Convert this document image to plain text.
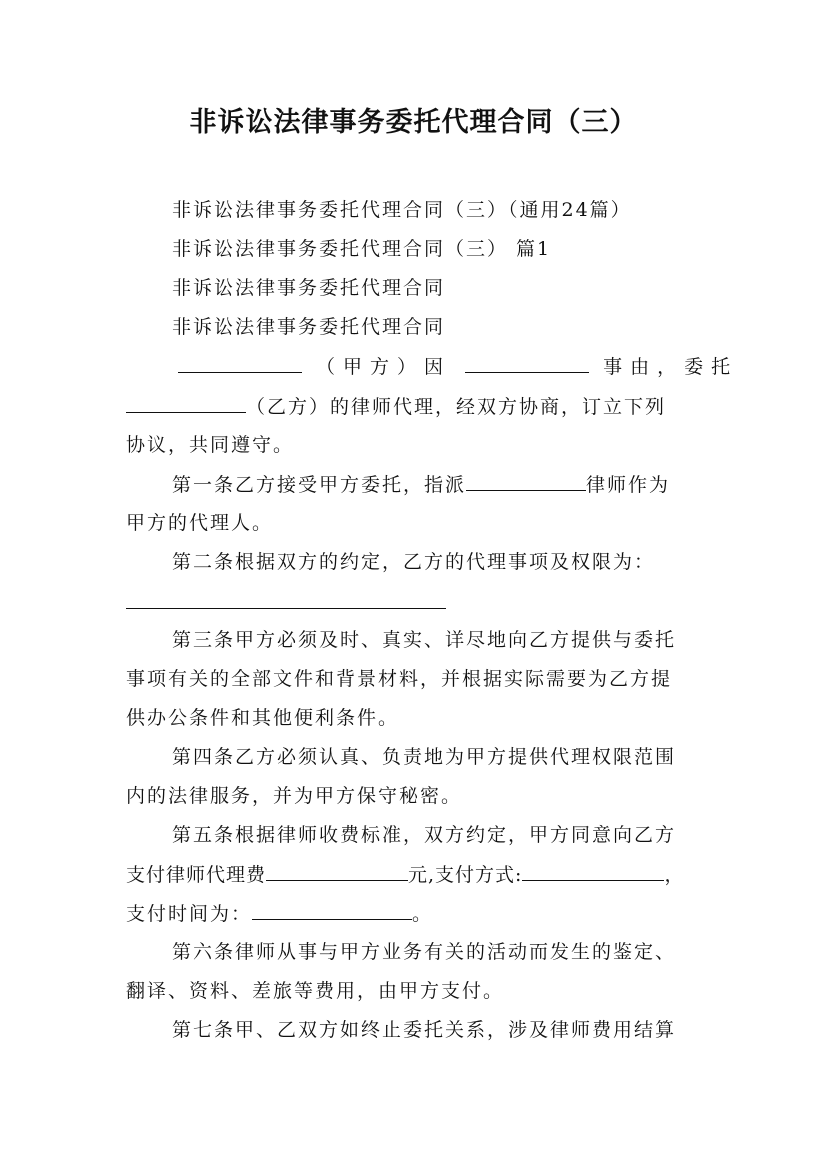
非诉讼法律事务委托代理合同（三）
非诉讼法律事务委托代理合同（三）（通用24篇）
非诉讼法律事务委托代理合同（三） 篇1
非诉讼法律事务委托代理合同
非诉讼法律事务委托代理合同
（甲方）因	事由，委托
（乙方）的律师代理，经双方协商，订立下列
协议，共同遵守。
第一条乙方接受甲方委托，指派	律师作为
甲方的代理人。
第二条根据双方的约定，乙方的代理事项及权限为：
第三条甲方必须及时、真实、详尽地向乙方提供与委托
事项有关的全部文件和背景材料，并根据实际需要为乙方提
供办公条件和其他便利条件。
第四条乙方必须认真、负责地为甲方提供代理权限范围
内的法律服务，并为甲方保守秘密。
第五条根据律师收费标准，双方约定，甲方同意向乙方
支付律师代理费	元,支付方式:	，
支付时间为：	。
第六条律师从事与甲方业务有关的活动而发生的鉴定、
翻译、资料、差旅等费用，由甲方支付。
第七条甲、乙双方如终止委托关系，涉及律师费用结算
